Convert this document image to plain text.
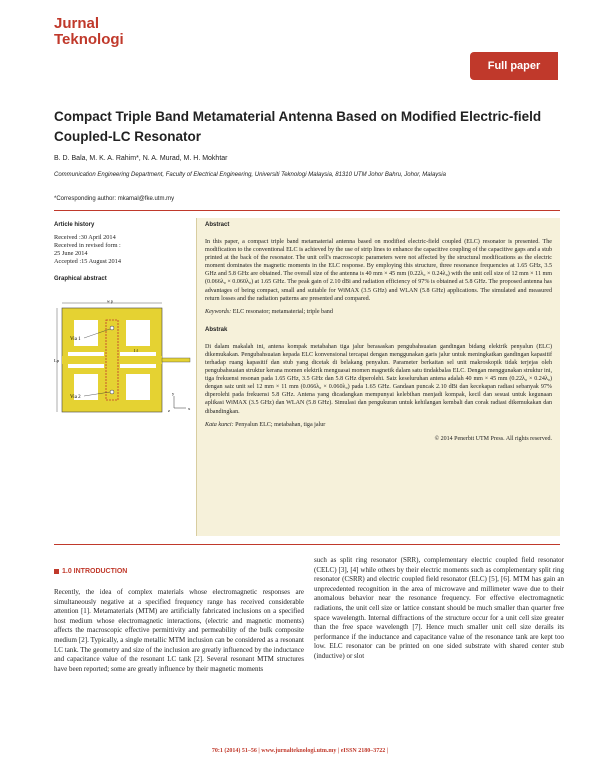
Jurnal
Teknologi
Full paper
Compact Triple Band Metamaterial Antenna Based on Modified Electric-field Coupled-LC Resonator
B. D. Bala, M. K. A. Rahim*, N. A. Murad, M. H. Mokhtar
Communication Engineering Department, Faculty of Electrical Engineering, Universiti Teknologi Malaysia, 81310 UTM Johor Bahru, Johor, Malaysia
*Corresponding author: mkamal@fke.utm.my
Article history
Received :30 April 2014
Received in revised form :
25 June 2014
Accepted :15 August 2014
Graphical abstract
w p
Lp
l f
Via 1
Via 2
x
y
z
Abstract
In this paper, a compact triple band metamaterial antenna based on modified electric-field coupled (ELC) resonator is presented. The modification to the conventional ELC is achieved by the use of strip lines to enhance the capacitive coupling of the capacitive gaps and a stub printed at the back of the resonator. The unit cell's macroscopic parameters were not affected by the structural modifications as the electric moment dominates the magnetic moments in the ELC response. By employing this structure, three resonance frequencies at 1.65 GHz, 3.5 GHz and 5.8 GHz are obtained. The overall size of the antenna is 40 mm × 45 mm (0.22λ₀ × 0.24λ₀) with the unit cell size of 12 mm × 11 mm (0.066λ₀ × 0.060λ₀) at 1.65 GHz. The peak gain of 2.10 dBi and radiation efficiency of 97% is obtained at 5.8 GHz. The proposed antenna has advantages of being compact, small and suitable for WiMAX (3.5 GHz) and WLAN (5.8 GHz) applications. The simulated and measured return losses and the radiation patterns are presented and compared.
Keywords: ELC resonator; metamaterial; triple band
Abstrak
Di dalam makalah ini, antena kompak metabahan tiga jalur berasaskan pengubahsuaian gandingan bidang elektrik penyalun (ELC) dikemukakan. Pengubahsuaian kepada ELC konvensional tercapai dengan menggunakan garis jalur untuk meningkatkan gandingan kapasitif terhadap ruang kapasitif dan stub yang dicetak di belakang penyalun. Parameter berkaitan sel unit makroskopik tidak terjejas oleh pengubahsuaian struktur kerana momen elektrik menguasai momen magnetik dalam satu tindakbalas ELC. Dengan menggunakan struktur ini, tiga frekuensi resonan pada 1.65 GHz, 3.5 GHz dan 5.8 GHz diperolehi. Saiz keseluruhan antena adalah 40 mm × 45 mm (0.22λ₀ × 0.24λ₀) dengan saiz unit sel 12 mm × 11 mm (0.066λ₀ × 0.060λ₀) pada 1.65 GHz. Gandaan puncak 2.10 dBi dan kecekapan radiasi sebanyak 97% diperolehi pada frekuensi 5.8 GHz. Antena yang dicadangkan mempunyai kelebihan menjadi kompak, kecil dan sesuai untuk kegunaan aplikasi WiMAX (3.5 GHz) dan WLAN (5.8 GHz). Simulasi dan pengukuran untuk kehilangan kembali dan corak radiasi dikemukakan dan dibandingkan.
Kata kunci: Penyalun ELC; metabahan, tiga jalur
© 2014 Penerbit UTM Press. All rights reserved.
1.0 INTRODUCTION
Recently, the idea of complex materials whose electromagnetic responses are simultaneously negative at a specified frequency range has received considerable attention [1]. Metamaterials (MTM) are artificially fabricated inclusions on a specified host medium whose electromagnetic interactions, (electric and magnetic moments) affects the macroscopic effective permittivity and permeability of the bulk composite medium [2]. Typically, a single metallic MTM inclusion can be considered as a resonant LC tank. The geometry and size of the inclusion are greatly influenced by the inductance and capacitance value of the resonant LC tank [2]. Several resonant MTM structures have been reported; some are greatly influence by their magnetic moments
such as split ring resonator (SRR), complementary electric coupled field resonator (CELC) [3], [4] while others by their electric moments such as complementary split ring resonator (CSRR) and electric coupled field resonator (ELC) [5], [6]. MTM has gain an unprecedented recognition in the area of microwave and millimeter wave due to their anomalous behavior near the resonance frequency. For effective electromagnetic radiations, the unit cell size or lattice constant should be much smaller than quarter free space wavelength. Internal diffractions of the structure occur for a unit cell size greater than the free space wavelength [7]. Hence much smaller unit cell size derails its performance if the inductance and capacitance value of the resonance tank are kept too low. ELC resonator can be printed on one sided substrate with shared center stub (inductive) or slot
70:1 (2014) 51–56 | www.jurnalteknologi.utm.my | eISSN 2180–3722 |
